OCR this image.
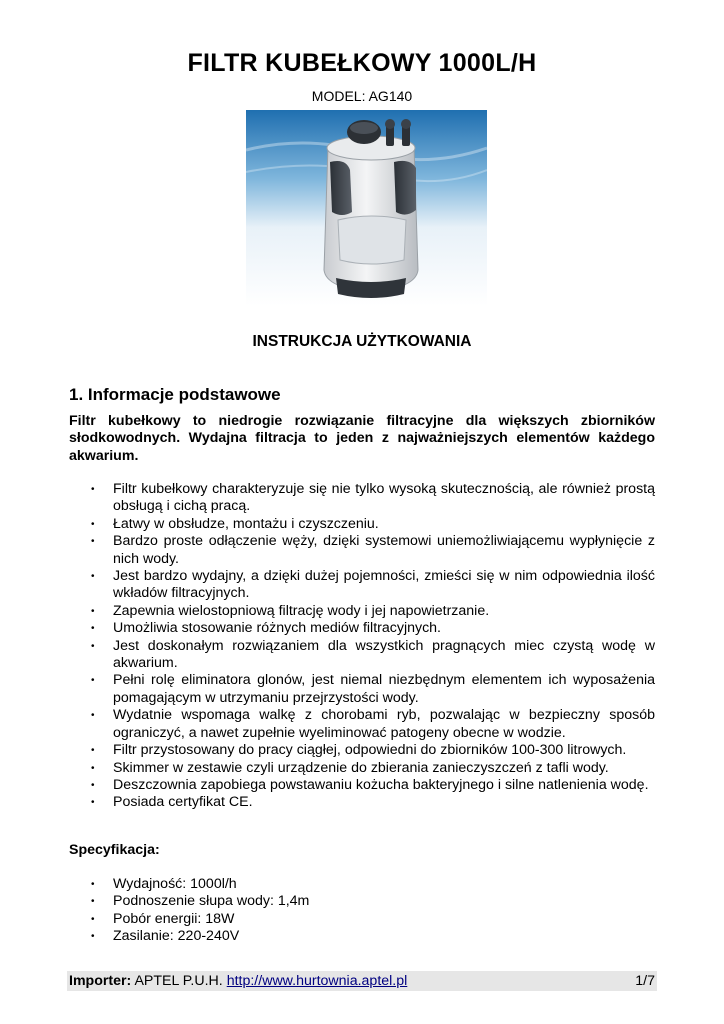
FILTR KUBEŁKOWY 1000L/H
MODEL: AG140
INSTRUKCJA UŻYTKOWANIA
1. Informacje podstawowe
Filtr kubełkowy to niedrogie rozwiązanie filtracyjne dla większych zbiorników słodkowodnych. Wydajna filtracja to jeden z najważniejszych elementów każdego akwarium.
• Filtr kubełkowy charakteryzuje się nie tylko wysoką skutecznością, ale również prostą obsługą i cichą pracą.
• Łatwy w obsłudze, montażu i czyszczeniu.
• Bardzo proste odłączenie węży, dzięki systemowi uniemożliwiającemu wypłynięcie z nich wody.
• Jest bardzo wydajny, a dzięki dużej pojemności, zmieści się w nim odpowiednia ilość wkładów filtracyjnych.
• Zapewnia wielostopniową filtrację wody i jej napowietrzanie.
• Umożliwia stosowanie różnych mediów filtracyjnych.
• Jest doskonałym rozwiązaniem dla wszystkich pragnących miec czystą wodę w akwarium.
• Pełni rolę eliminatora glonów, jest niemal niezbędnym elementem ich wyposażenia pomagającym w utrzymaniu przejrzystości wody.
• Wydatnie wspomaga walkę z chorobami ryb, pozwalając w bezpieczny sposób ograniczyć, a nawet zupełnie wyeliminować patogeny obecne w wodzie.
• Filtr przystosowany do pracy ciągłej, odpowiedni do zbiorników 100-300 litrowych.
• Skimmer w zestawie czyli urządzenie do zbierania zanieczyszczeń z tafli wody.
• Deszczownia zapobiega powstawaniu kożucha bakteryjnego i silne natlenienia wodę.
• Posiada certyfikat CE.
Specyfikacja:
• Wydajność: 1000l/h
• Podnoszenie słupa wody: 1,4m
• Pobór energii: 18W
• Zasilanie: 220-240V
Importer: APTEL P.U.H. http://www.hurtownia.aptel.pl	1/7
